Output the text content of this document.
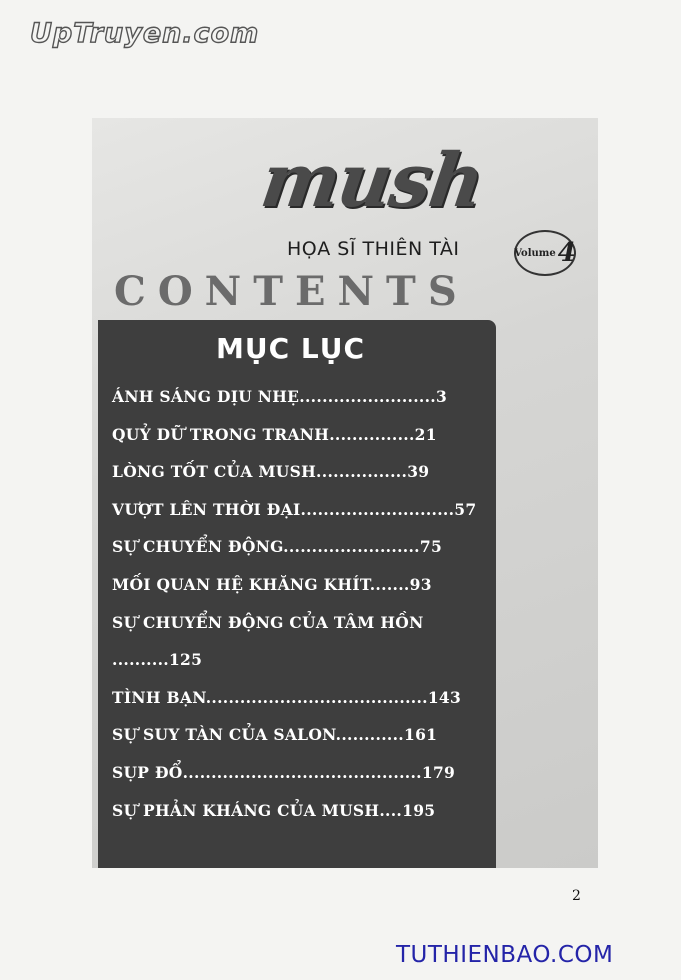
UpTruyen.com
mush
HỌA SĨ THIÊN TÀI	Volume 4
CONTENTS
MỤC LỤC
ÁNH SÁNG DỊU NHẸ........................3
QUỶ DỮ TRONG TRANH...............21
LÒNG TỐT CỦA MUSH................39
VƯỢT LÊN THỜI ĐẠI...........................57
SỰ CHUYỂN ĐỘNG........................75
MỐI QUAN HỆ KHĂNG KHÍT.......93
SỰ CHUYỂN ĐỘNG CỦA TÂM HỒN
..........125
TÌNH BẠN.......................................143
SỰ SUY TÀN CỦA SALON............161
SỤP ĐỔ..........................................179
SỰ PHẢN KHÁNG CỦA MUSH....195
2
TUTHIENBAO.COM
